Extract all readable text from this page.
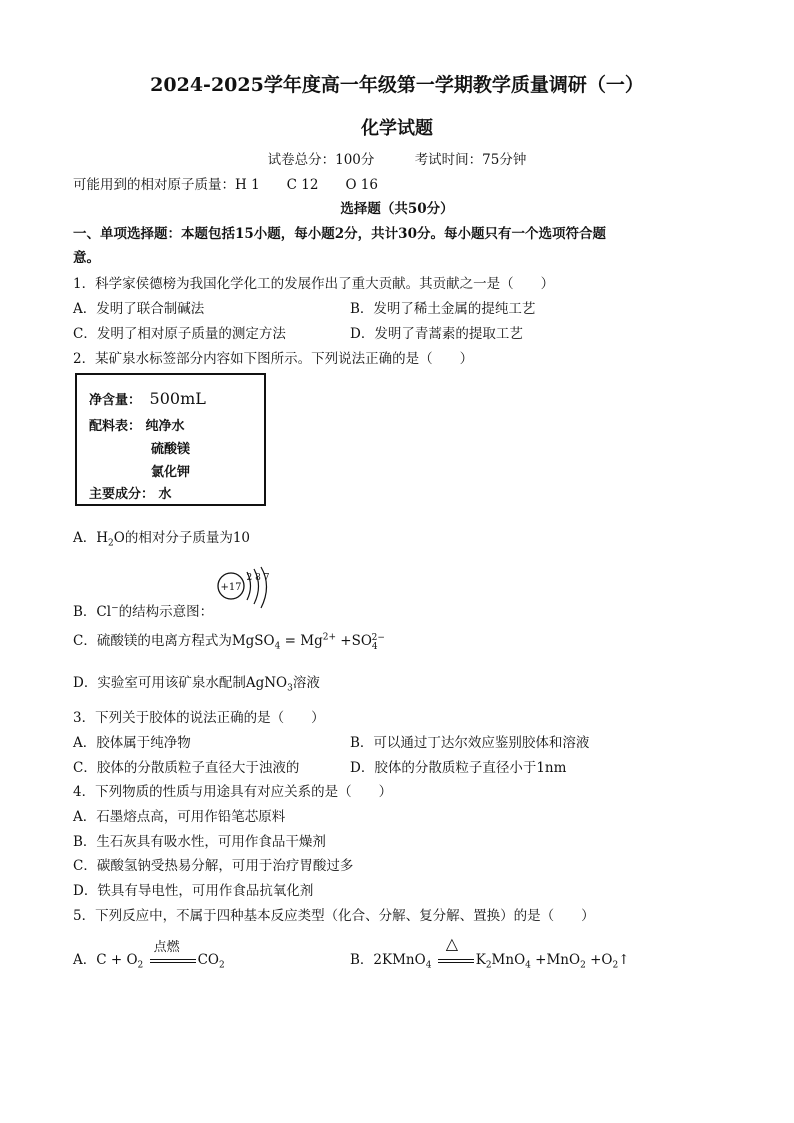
2024-2025学年度高一年级第一学期教学质量调研（一）
化学试题
试卷总分：100分	考试时间：75分钟
可能用到的相对原子质量：H 1　　C 12　　O 16
选择题（共50分）
一、单项选择题：本题包括15小题，每小题2分，共计30分。每小题只有一个选项符合题
意。
1．科学家侯德榜为我国化学化工的发展作出了重大贡献。其贡献之一是（　　）
A．发明了联合制碱法	B．发明了稀土金属的提纯工艺
C．发明了相对原子质量的测定方法	D．发明了青蒿素的提取工艺
2．某矿泉水标签部分内容如下图所示。下列说法正确的是（　　）
净含量： 500mL
配料表： 纯净水
硫酸镁
氯化钾
主要成分： 水
A．$H_2O$的相对分子质量为10
+17
2 8 7
B．Cl−的结构示意图：
C．硫酸镁的电离方程式为MgSO$_4$ = $Mg^{2+} +SO_4^{2-}$
D．实验室可用该矿泉水配制AgNO$_3$溶液
3．下列关于胶体的说法正确的是（　　）
A．胶体属于纯净物	B．可以通过丁达尔效应鉴别胶体和溶液
C．胶体的分散质粒子直径大于浊液的	D．胶体的分散质粒子直径小于1nm
4．下列物质的性质与用途具有对应关系的是（　　）
A．石墨熔点高，可用作铅笔芯原料
B．生石灰具有吸水性，可用作食品干燥剂
C．碳酸氢钠受热易分解，可用于治疗胃酸过多
D．铁具有导电性，可用作食品抗氧化剂
5．下列反应中，不属于四种基本反应类型（化合、分解、复分解、置换）的是（　　）
A．$C + O_2$
点燃
$CO_2$	B．2KMnO$_4$
△
$K_2MnO_4 +MnO_2$ $+O_2↑$
